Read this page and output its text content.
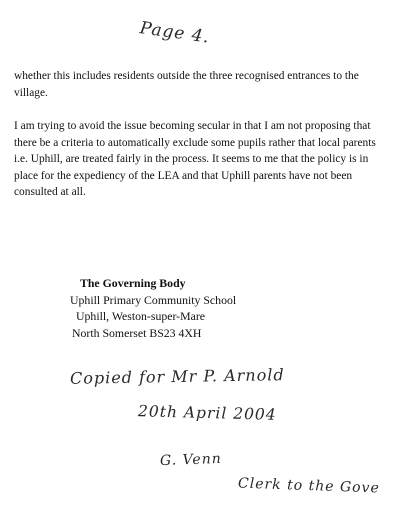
Page 4.

whether this includes residents outside the three recognised entrances to the village.

I am trying to avoid the issue becoming secular in that I am not proposing that there be a criteria to automatically exclude some pupils rather that local parents i.e. Uphill, are treated fairly in the process. It seems to me that the policy is in place for the expediency of the LEA and that Uphill parents have not been consulted at all.

The Governing Body
Uphill Primary Community School
Uphill, Weston-super-Mare
North Somerset BS23 4XH
Copied for Mr P. Arnold
20th April 2004
G. Venn
Clerk to the Gove
